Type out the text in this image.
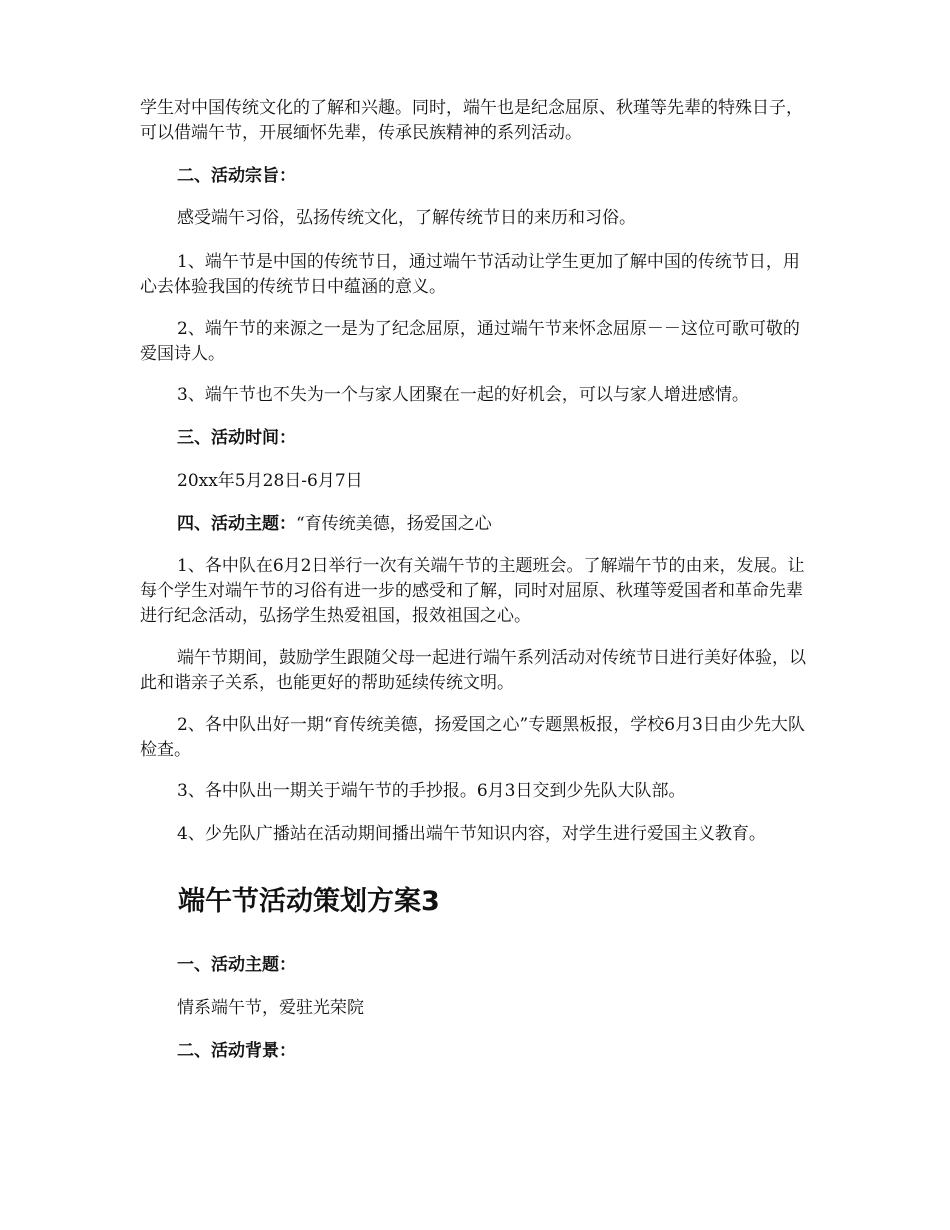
学生对中国传统文化的了解和兴趣。同时，端午也是纪念屈原、秋瑾等先辈的特殊日子，可以借端午节，开展缅怀先辈，传承民族精神的系列活动。

二、活动宗旨：

感受端午习俗，弘扬传统文化，了解传统节日的来历和习俗。

1、端午节是中国的传统节日，通过端午节活动让学生更加了解中国的传统节日，用心去体验我国的传统节日中蕴涵的意义。

2、端午节的来源之一是为了纪念屈原，通过端午节来怀念屈原－－这位可歌可敬的爱国诗人。

3、端午节也不失为一个与家人团聚在一起的好机会，可以与家人增进感情。

三、活动时间：

20xx年5月28日-6月7日

四、活动主题：“育传统美德，扬爱国之心

1、各中队在6月2日举行一次有关端午节的主题班会。了解端午节的由来，发展。让每个学生对端午节的习俗有进一步的感受和了解，同时对屈原、秋瑾等爱国者和革命先辈进行纪念活动，弘扬学生热爱祖国，报效祖国之心。

端午节期间，鼓励学生跟随父母一起进行端午系列活动对传统节日进行美好体验，以此和谐亲子关系，也能更好的帮助延续传统文明。

2、各中队出好一期“育传统美德，扬爱国之心”专题黑板报，学校6月3日由少先大队检查。

3、各中队出一期关于端午节的手抄报。6月3日交到少先队大队部。

4、少先队广播站在活动期间播出端午节知识内容，对学生进行爱国主义教育。

端午节活动策划方案3

一、活动主题：

情系端午节，爱驻光荣院

二、活动背景：
